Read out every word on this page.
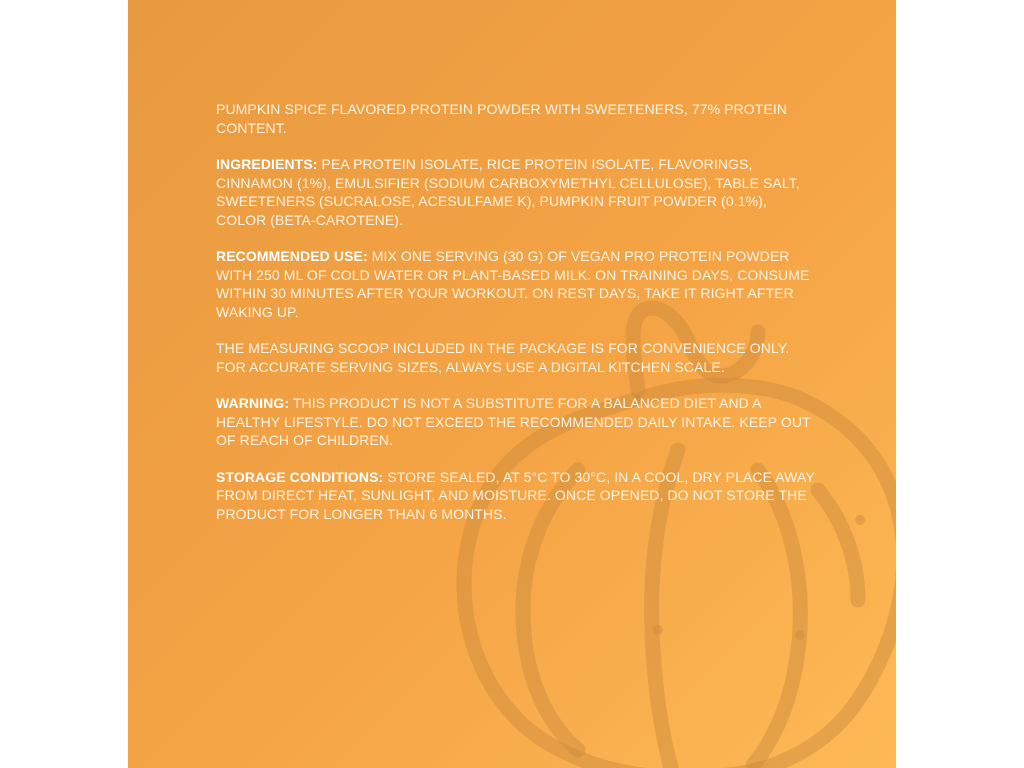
PUMPKIN SPICE FLAVORED PROTEIN POWDER WITH SWEETENERS, 77% PROTEIN CONTENT.

INGREDIENTS: PEA PROTEIN ISOLATE, RICE PROTEIN ISOLATE, FLAVORINGS, CINNAMON (1%), EMULSIFIER (SODIUM CARBOXYMETHYL CELLULOSE), TABLE SALT, SWEETENERS (SUCRALOSE, ACESULFAME K), PUMPKIN FRUIT POWDER (0.1%), COLOR (BETA-CAROTENE).

RECOMMENDED USE: MIX ONE SERVING (30 G) OF VEGAN PRO PROTEIN POWDER WITH 250 ML OF COLD WATER OR PLANT-BASED MILK. ON TRAINING DAYS, CONSUME WITHIN 30 MINUTES AFTER YOUR WORKOUT. ON REST DAYS, TAKE IT RIGHT AFTER WAKING UP.

THE MEASURING SCOOP INCLUDED IN THE PACKAGE IS FOR CONVENIENCE ONLY. FOR ACCURATE SERVING SIZES, ALWAYS USE A DIGITAL KITCHEN SCALE.

WARNING: THIS PRODUCT IS NOT A SUBSTITUTE FOR A BALANCED DIET AND A HEALTHY LIFESTYLE. DO NOT EXCEED THE RECOMMENDED DAILY INTAKE. KEEP OUT OF REACH OF CHILDREN.

STORAGE CONDITIONS: STORE SEALED, AT 5°C TO 30°C, IN A COOL, DRY PLACE AWAY FROM DIRECT HEAT, SUNLIGHT, AND MOISTURE. ONCE OPENED, DO NOT STORE THE PRODUCT FOR LONGER THAN 6 MONTHS.
